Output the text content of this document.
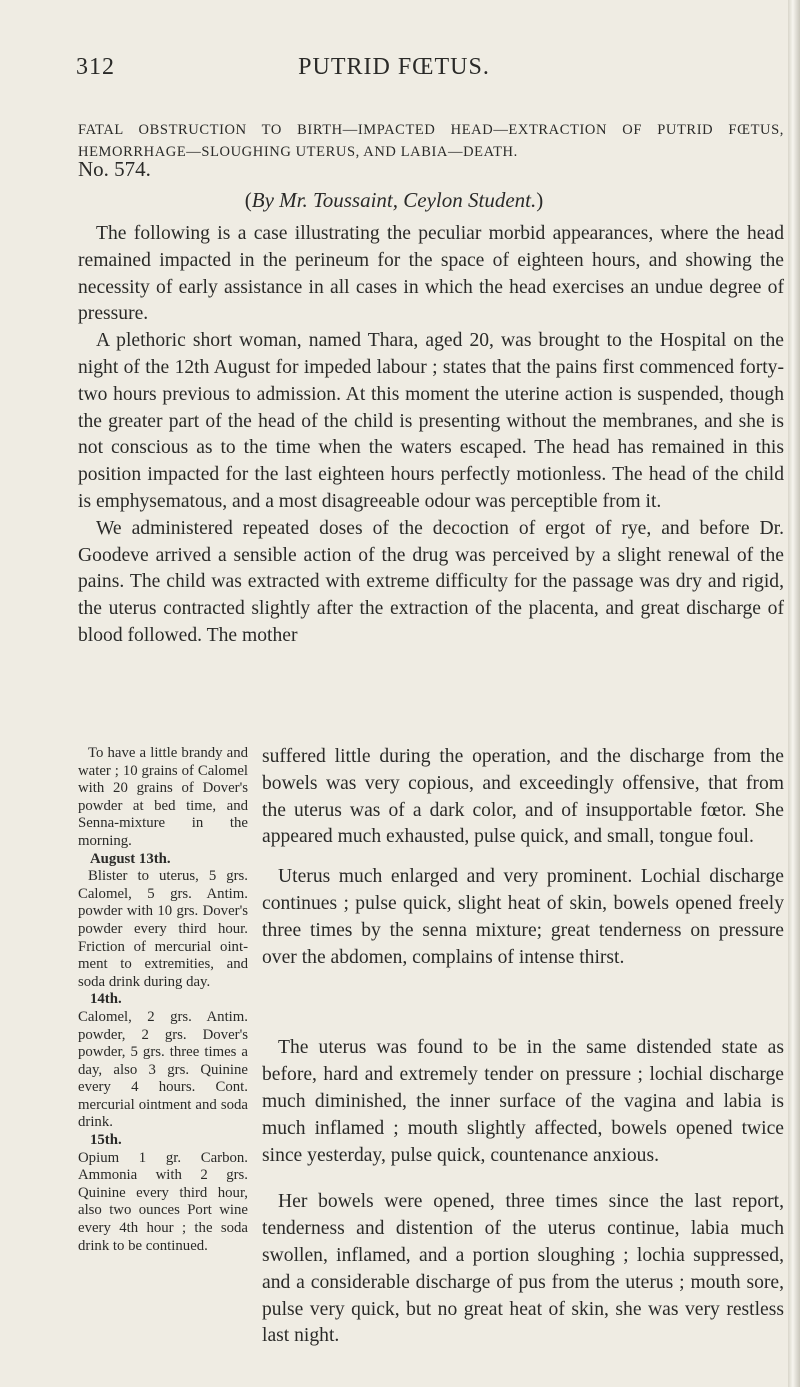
312	PUTRID FŒTUS.
FATAL OBSTRUCTION TO BIRTH—IMPACTED HEAD—EXTRACTION OF PUTRID FŒTUS, HEMORRHAGE—SLOUGHING UTERUS, AND LABIA—DEATH.
No. 574.
(By Mr. Toussaint, Ceylon Student.)

The following is a case illustrating the peculiar morbid appearances, where the head remained impacted in the perineum for the space of eighteen hours, and showing the necessity of early assistance in all cases in which the head exercises an undue degree of pressure.

A plethoric short woman, named Thara, aged 20, was brought to the Hospital on the night of the 12th August for impeded labour ; states that the pains first commenced forty-two hours previous to admission. At this moment the uterine action is suspended, though the greater part of the head of the child is presenting without the membranes, and she is not conscious as to the time when the waters escaped. The head has remained in this position impacted for the last eighteen hours perfectly motionless. The head of the child is emphysematous, and a most disagreeable odour was perceptible from it.

We administered repeated doses of the decoction of ergot of rye, and before Dr. Goodeve arrived a sensible action of the drug was perceived by a slight renewal of the pains. The child was extracted with extreme difficulty for the passage was dry and rigid, the uterus contracted slightly after the extraction of the placenta, and great discharge of blood followed. The mother

To have a little brandy and water ; 10 grains of Calomel with 20 grains of Dover's powder at bed time, and Senna-mixture in the morning.

August 13th.

Blister to uterus, 5 grs. Calomel, 5 grs. Antim. powder with 10 grs. Dover's powder every third hour. Friction of mercurial oint-ment to extremities, and soda drink during day.

14th.

Calomel, 2 grs. Antim. powder, 2 grs. Dover's powder, 5 grs. three times a day, also 3 grs. Quinine every 4 hours. Cont. mercurial ointment and soda drink.

15th.

Opium 1 gr. Carbon. Ammonia with 2 grs. Quinine every third hour, also two ounces Port wine every 4th hour ; the soda drink to be continued.

suffered little during the operation, and the discharge from the bowels was very copious, and exceedingly offensive, that from the uterus was of a dark color, and of insupportable fœtor. She appeared much exhausted, pulse quick, and small, tongue foul.

Uterus much enlarged and very prominent. Lochial discharge continues ; pulse quick, slight heat of skin, bowels opened freely three times by the senna mixture; great tenderness on pressure over the abdomen, complains of intense thirst.

The uterus was found to be in the same distended state as before, hard and extremely tender on pressure ; lochial discharge much diminished, the inner surface of the vagina and labia is much inflamed ; mouth slightly affected, bowels opened twice since yesterday, pulse quick, countenance anxious.

Her bowels were opened, three times since the last report, tenderness and distention of the uterus continue, labia much swollen, inflamed, and a portion sloughing ; lochia suppressed, and a considerable discharge of pus from the uterus ; mouth sore, pulse very quick, but no great heat of skin, she was very restless last night.
